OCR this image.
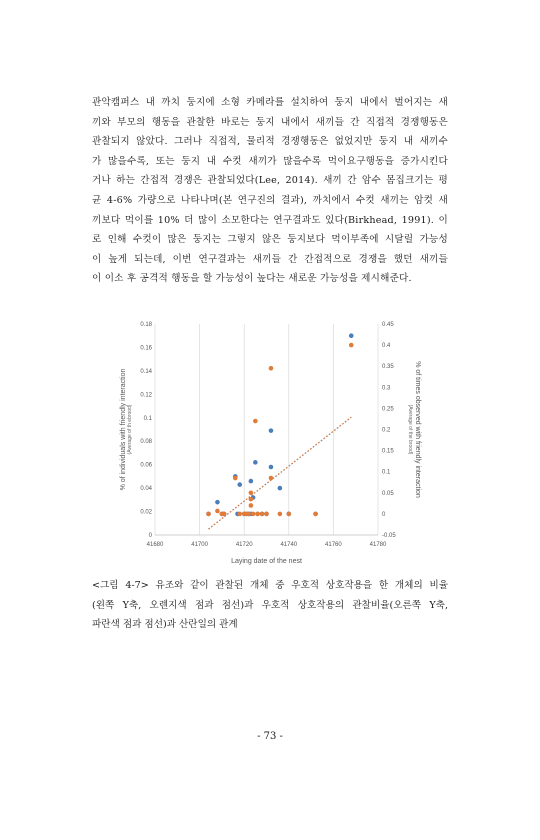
관악캠퍼스 내 까치 둥지에 소형 카메라를 설치하여 둥지 내에서 벌어지는 새
끼와 부모의 행동을 관찰한 바로는 둥지 내에서 새끼들 간 직접적 경쟁행동은
관찰되지 않았다. 그러나 직접적, 물리적 경쟁행동은 없었지만 둥지 내 새끼수
가 많을수록, 또는 둥지 내 수컷 새끼가 많을수록 먹이요구행동을 증가시킨다
거나 하는 간접적 경쟁은 관찰되었다(Lee, 2014). 새끼 간 암수 몸집크기는 평
균 4-6% 가량으로 나타나며(본 연구진의 결과), 까치에서 수컷 새끼는 암컷 새
끼보다 먹이를 10% 더 많이 소모한다는 연구결과도 있다(Birkhead, 1991). 이
로 인해 수컷이 많은 둥지는 그렇지 않은 둥지보다 먹이부족에 시달릴 가능성
이 높게 되는데, 이번 연구결과는 새끼들 간 간접적으로 경쟁을 했던 새끼들
이 이소 후 공격적 행동을 할 가능성이 높다는 새로운 가능성을 제시해준다.
41680	41700	41720	41740	41760	41780
0
0.02
0.04
0.06
0.08
0.1
0.12
0.14
0.16
0.18
-0.05
0
0.05
0.1
0.15
0.2
0.25
0.3
0.35
0.4
0.45
Laying date of the nest
% of individuals with friendly interaction (Average of th ebrood)	% of times observed with friendly interaction
(Average of the brood)
<그림 4-7> 유조와 같이 관찰된 개체 중 우호적 상호작용을 한 개체의 비율
(왼쪽 Y축, 오렌지색 점과 점선)과 우호적 상호작용의 관찰비율(오른쪽 Y축,
파란색 점과 점선)과 산란일의 관계
- 73 -
